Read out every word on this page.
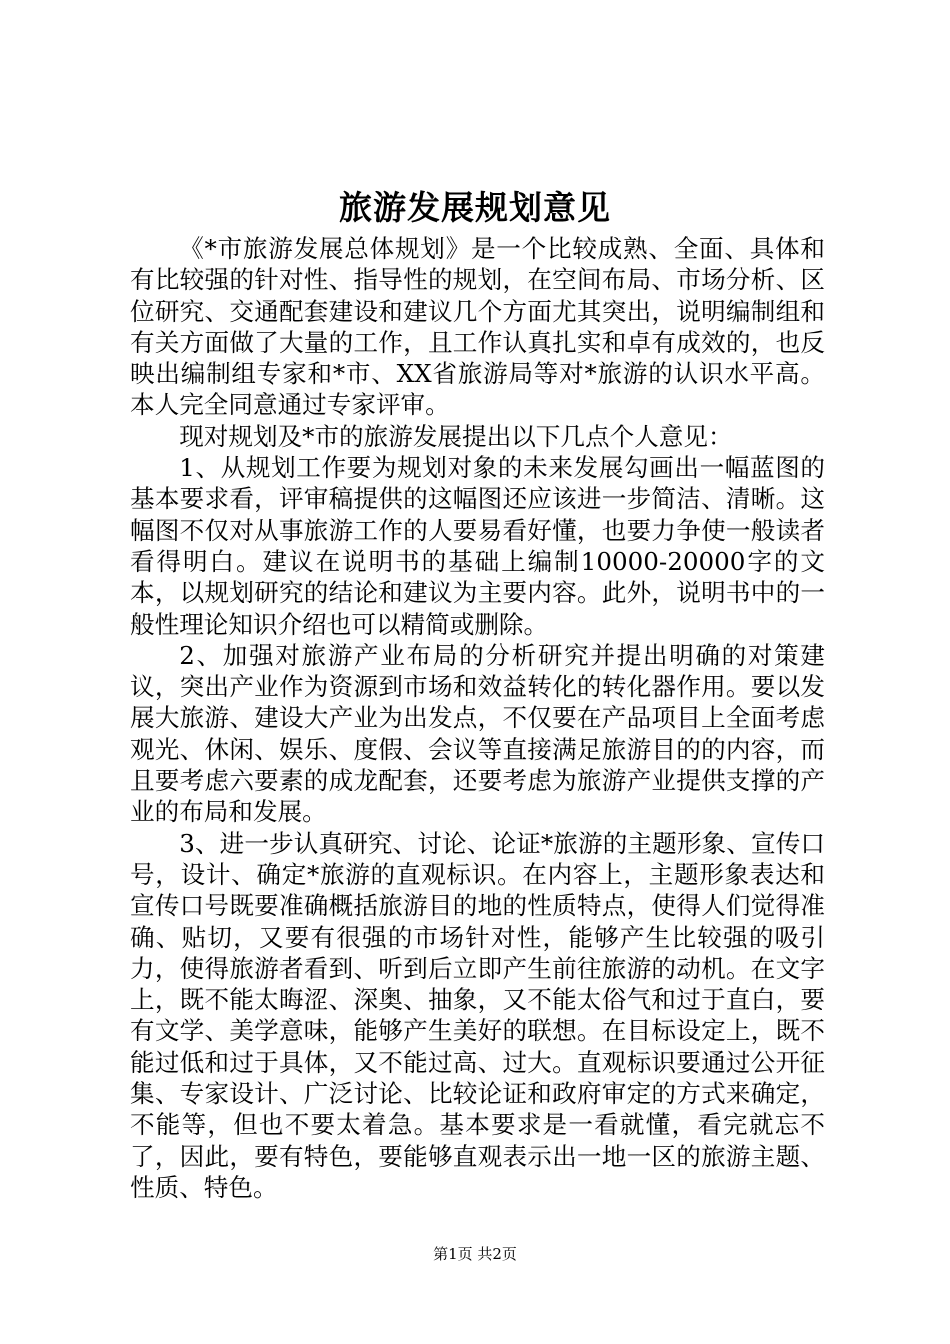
旅游发展规划意见

《*市旅游发展总体规划》是一个比较成熟、全面、具体和有比较强的针对性、指导性的规划，在空间布局、市场分析、区位研究、交通配套建设和建议几个方面尤其突出，说明编制组和有关方面做了大量的工作，且工作认真扎实和卓有成效的，也反映出编制组专家和*市、XX省旅游局等对*旅游的认识水平高。本人完全同意通过专家评审。

现对规划及*市的旅游发展提出以下几点个人意见：

1、从规划工作要为规划对象的未来发展勾画出一幅蓝图的基本要求看，评审稿提供的这幅图还应该进一步简洁、清晰。这幅图不仅对从事旅游工作的人要易看好懂，也要力争使一般读者看得明白。建议在说明书的基础上编制10000-20000字的文本，以规划研究的结论和建议为主要内容。此外，说明书中的一般性理论知识介绍也可以精简或删除。

2、加强对旅游产业布局的分析研究并提出明确的对策建议，突出产业作为资源到市场和效益转化的转化器作用。要以发展大旅游、建设大产业为出发点，不仅要在产品项目上全面考虑观光、休闲、娱乐、度假、会议等直接满足旅游目的的内容，而且要考虑六要素的成龙配套，还要考虑为旅游产业提供支撑的产业的布局和发展。

3、进一步认真研究、讨论、论证*旅游的主题形象、宣传口号，设计、确定*旅游的直观标识。在内容上，主题形象表达和宣传口号既要准确概括旅游目的地的性质特点，使得人们觉得准确、贴切，又要有很强的市场针对性，能够产生比较强的吸引力，使得旅游者看到、听到后立即产生前往旅游的动机。在文字上，既不能太晦涩、深奥、抽象，又不能太俗气和过于直白，要有文学、美学意味，能够产生美好的联想。在目标设定上，既不能过低和过于具体，又不能过高、过大。直观标识要通过公开征集、专家设计、广泛讨论、比较论证和政府审定的方式来确定，不能等，但也不要太着急。基本要求是一看就懂，看完就忘不了，因此，要有特色，要能够直观表示出一地一区的旅游主题、性质、特色。

第1页 共2页
